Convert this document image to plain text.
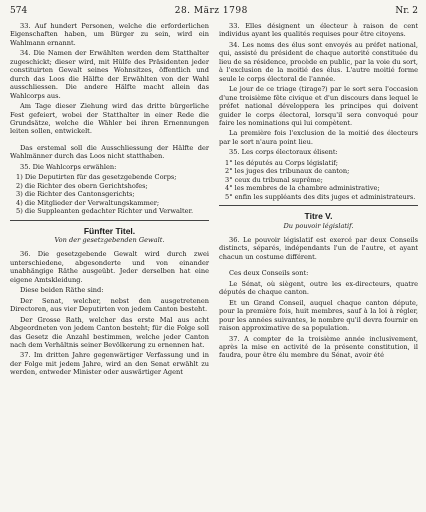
574	28. März 1798	Nr. 2

33. Auf hundert Personen, welche die erforderlichen Eigenschaften haben, um Bürger zu sein, wird ein Wahlmann ernannt.

34. Die Namen der Erwählten werden dem Statthalter zugeschickt; dieser wird, mit Hülfe des Präsidenten jeder constituirten Gewalt seines Wohnsitzes, öffentlich und durch das Loos die Hälfte der Erwählten von der Wahl ausschliessen. Die andere Hälfte macht allein das Wahlcorps aus.

Am Tage dieser Ziehung wird das dritte bürgerliche Fest gefeiert, wobei der Statthalter in einer Rede die Grundsätze, welche die Wähler bei ihren Ernennungen leiten sollen, entwickelt.

Das erstemal soll die Ausschliessung der Hälfte der Wahlmänner durch das Loos nicht statthaben.

35. Die Wahlcorps erwählen:

1) Die Deputirten für das gesetzgebende Corps;
2) die Richter des obern Gerichtshofes;
3) die Richter des Cantonsgerichts;
4) die Mitglieder der Verwaltungskammer;
5) die Suppleanten gedachter Richter und Verwalter.
Fünfter Titel.
Von der gesetzgebenden Gewalt.

36. Die gesetzgebende Gewalt wird durch zwei unterschiedene, abgesonderte und von einander unabhängige Räthe ausgeübt. Jeder derselben hat eine eigene Amtskleidung.

Diese beiden Räthe sind:

Der Senat, welcher, nebst den ausgetretenen Directoren, aus vier Deputirten von jedem Canton besteht.

Der Grosse Rath, welcher das erste Mal aus acht Abgeordneten von jedem Canton besteht; für die Folge soll das Gesetz die Anzahl bestimmen, welche jeder Canton nach dem Verhältnis seiner Bevölkerung zu ernennen hat.

37. Im dritten Jahre gegenwärtiger Verfassung und in der Folge mit jedem Jahre, wird an den Senat erwählt zu werden, entweder Minister oder auswärtiger Agent

33. Elles désignent un électeur à raison de cent individus ayant les qualités requises pour être citoyens.

34. Les noms des élus sont envoyés au préfet national, qui, assisté du président de chaque autorité constituée du lieu de sa résidence, procède en public, par la voie du sort, à l'exclusion de la moitié des élus. L'autre moitié forme seule le corps électoral de l'année.

Le jour de ce triage (tirage?) par le sort sera l'occasion d'une troisième fête civique et d'un discours dans lequel le préfet national développera les principes qui doivent guider le corps électoral, lorsqu'il sera convoqué pour faire les nominations qui lui compètent.

La première fois l'exclusion de la moitié des électeurs par le sort n'aura point lieu.

35. Les corps électoraux élisent:

1° les députés au Corps législatif;
2° les juges des tribunaux de canton;
3° ceux du tribunal suprême;
4° les membres de la chambre administrative;
5° enfin les suppléants des dits juges et administrateurs.
Titre V.
Du pouvoir législatif.

36. Le pouvoir législatif est exercé par deux Conseils distincts, séparés, indépendants l'un de l'autre, et ayant chacun un costume différent.

Ces deux Conseils sont:

Le Sénat, où siègent, outre les ex-directeurs, quatre députés de chaque canton.

Et un Grand Conseil, auquel chaque canton députe, pour la première fois, huit membres, sauf à la loi à régler, pour les années suivantes, le nombre qu'il devra fournir en raison approximative de sa population.

37. A compter de la troisième année inclusivement, après la mise en activité de la présente constitution, il faudra, pour être élu membre du Sénat, avoir été
